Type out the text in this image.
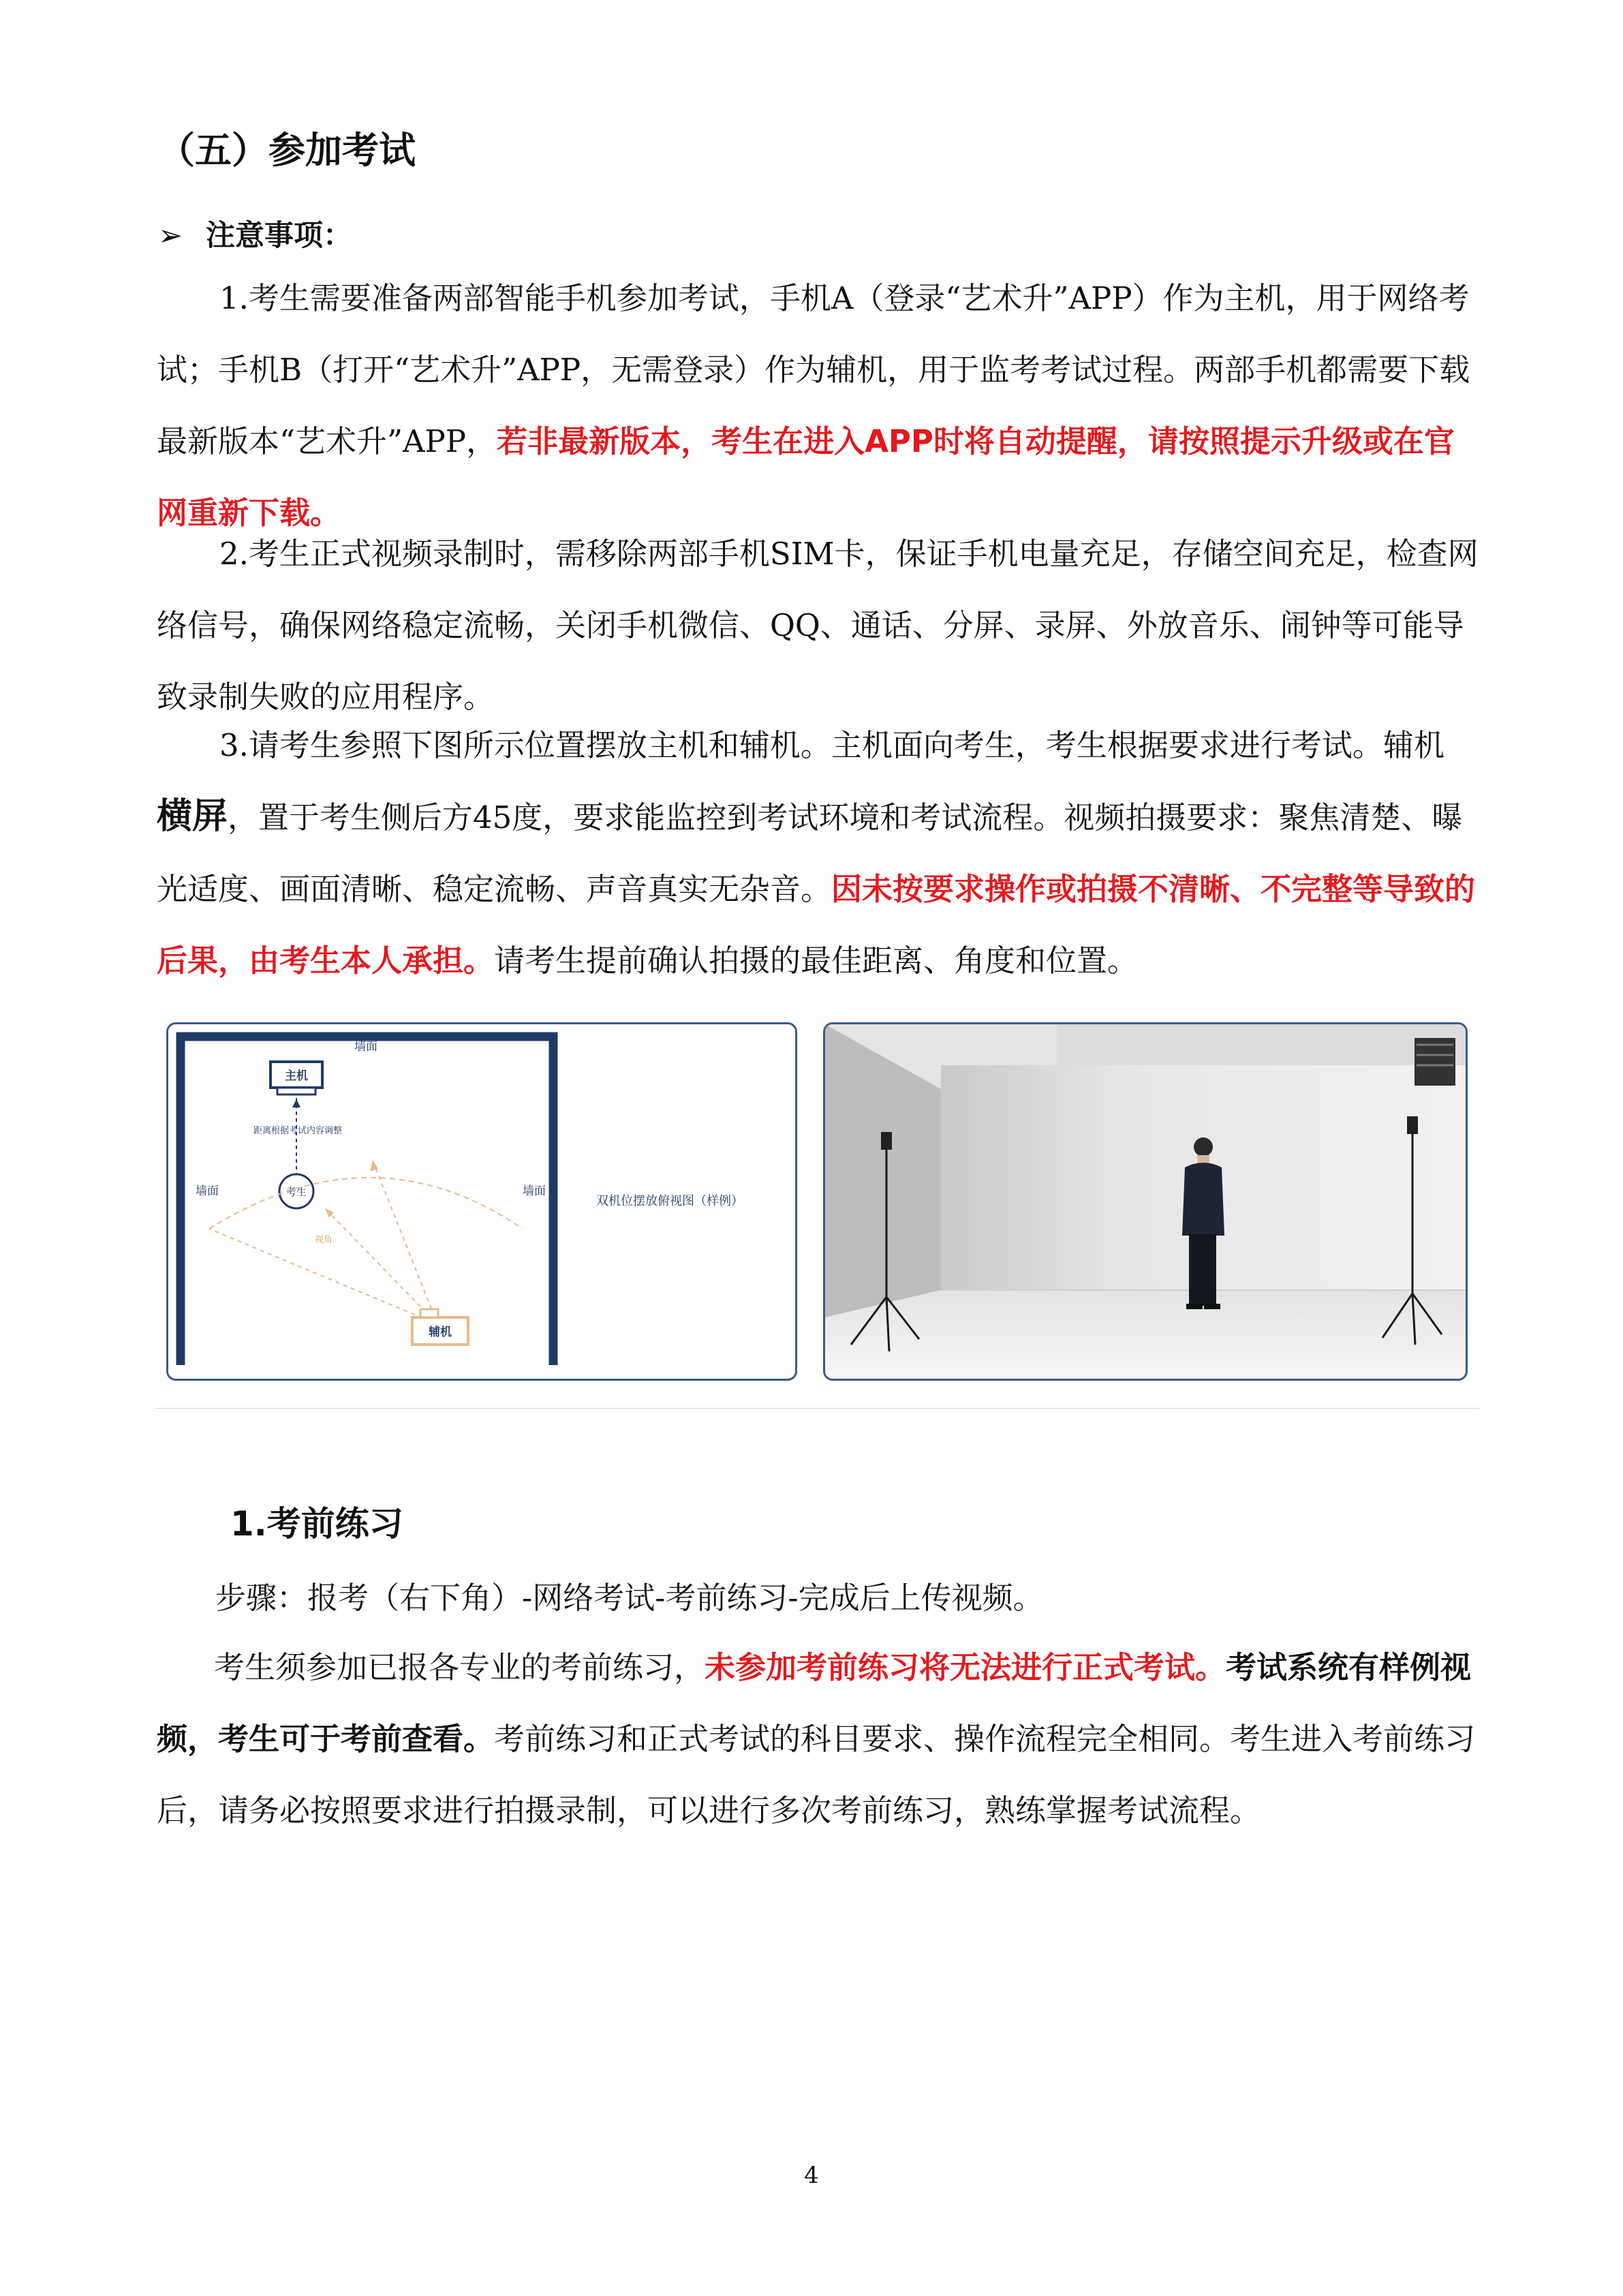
（五）参加考试
➢ 注意事项：
1.考生需要准备两部智能手机参加考试，手机A（登录“艺术升”APP）作为主机，用于网络考试；手机B（打开“艺术升”APP，无需登录）作为辅机，用于监考考试过程。两部手机都需要下载最新版本“艺术升”APP，若非最新版本，考生在进入APP时将自动提醒，请按照提示升级或在官网重新下载。
2.考生正式视频录制时，需移除两部手机SIM卡，保证手机电量充足，存储空间充足，检查网络信号，确保网络稳定流畅，关闭手机微信、QQ、通话、分屏、录屏、外放音乐、闹钟等可能导致录制失败的应用程序。
3.请考生参照下图所示位置摆放主机和辅机。主机面向考生，考生根据要求进行考试。辅机横屏，置于考生侧后方45度，要求能监控到考试环境和考试流程。视频拍摄要求：聚焦清楚、曝光适度、画面清晰、稳定流畅、声音真实无杂音。因未按要求操作或拍摄不清晰、不完整等导致的后果，由考生本人承担。请考生提前确认拍摄的最佳距离、角度和位置。
墙面
墙面	墙面
主机
距离根据考试内容调整
考生
视角
辅机
双机位摆放俯视图（样例）
1.考前练习
步骤：报考（右下角）-网络考试-考前练习-完成后上传视频。
考生须参加已报各专业的考前练习，未参加考前练习将无法进行正式考试。考试系统有样例视频，考生可于考前查看。考前练习和正式考试的科目要求、操作流程完全相同。考生进入考前练习后，请务必按照要求进行拍摄录制，可以进行多次考前练习，熟练掌握考试流程。
4
